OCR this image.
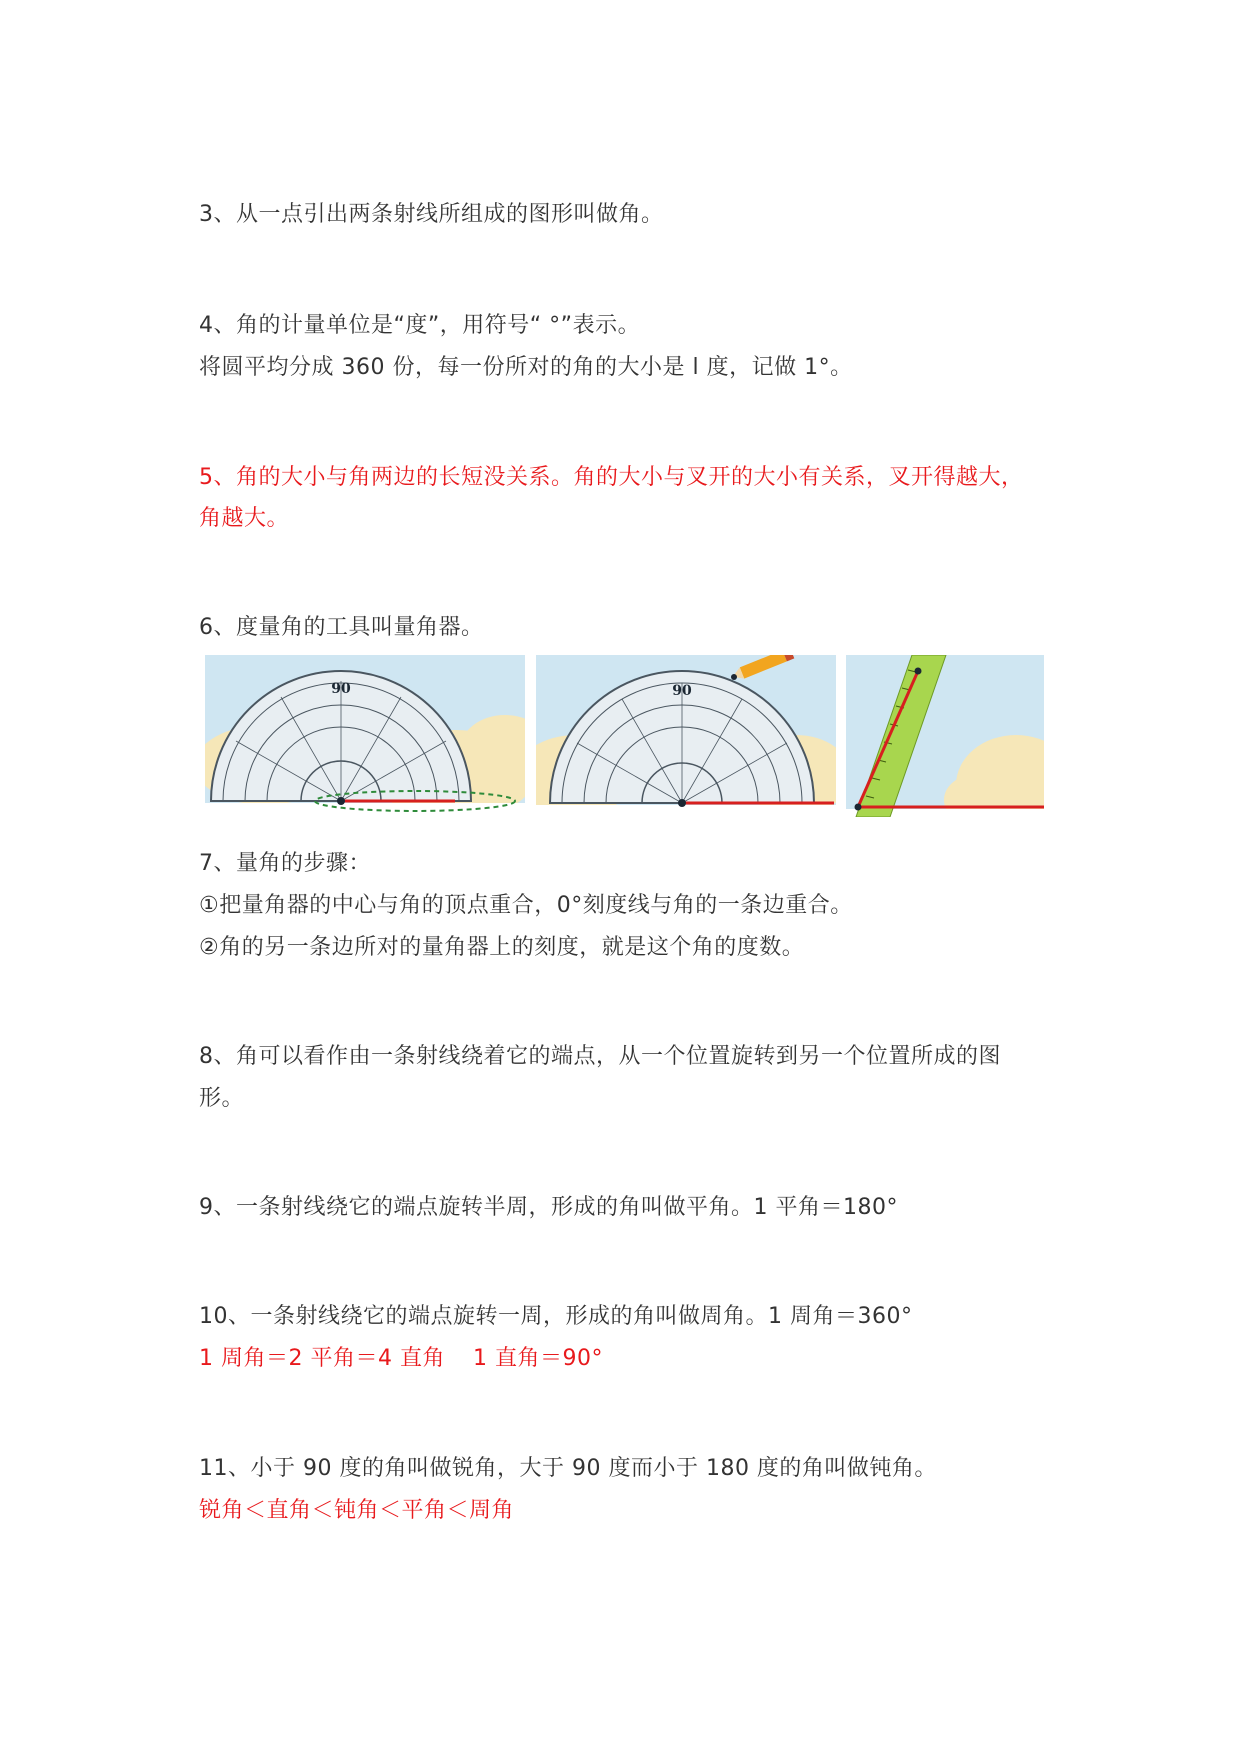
3、从一点引出两条射线所组成的图形叫做角。
4、角的计量单位是“度”，用符号“ °”表示。
将圆平均分成 360 份，每一份所对的角的大小是 l 度，记做 1°。
5、角的大小与角两边的长短没关系。角的大小与叉开的大小有关系，叉开得越大，
角越大。
6、度量角的工具叫量角器。
90	90
7、量角的步骤：
①把量角器的中心与角的顶点重合，0°刻度线与角的一条边重合。
②角的另一条边所对的量角器上的刻度，就是这个角的度数。
8、角可以看作由一条射线绕着它的端点，从一个位置旋转到另一个位置所成的图
形。
9、一条射线绕它的端点旋转半周，形成的角叫做平角。1 平角＝180°
10、一条射线绕它的端点旋转一周，形成的角叫做周角。1 周角＝360°
1 周角＝2 平角＝4 直角 1 直角＝90°
11、小于 90 度的角叫做锐角，大于 90 度而小于 180 度的角叫做钝角。
锐角＜直角＜钝角＜平角＜周角
